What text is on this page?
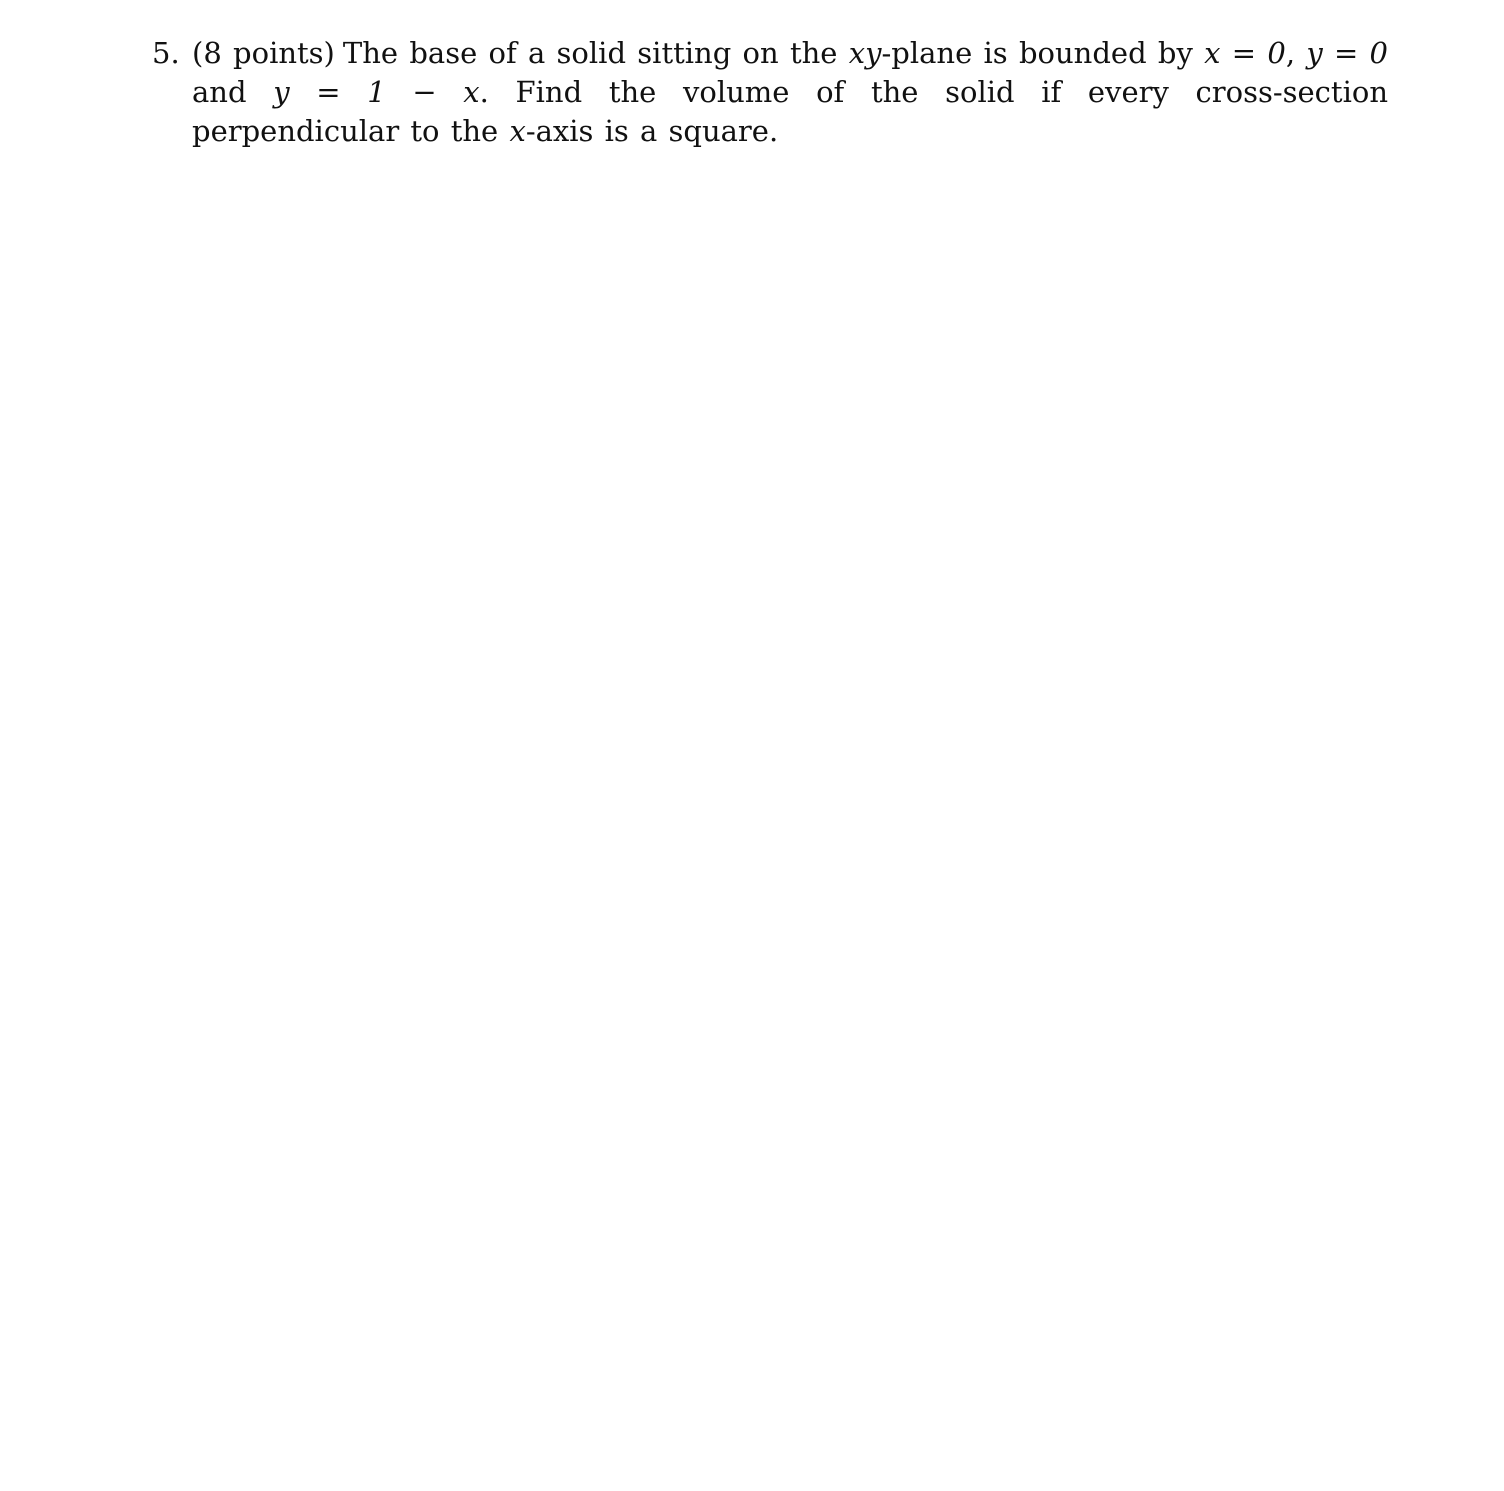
5. (8 points) The base of a solid sitting on the xy-plane is bounded by x = 0, y = 0 and y = 1 − x. Find the volume of the solid if every cross-section perpendicular to the x-axis is a square.
